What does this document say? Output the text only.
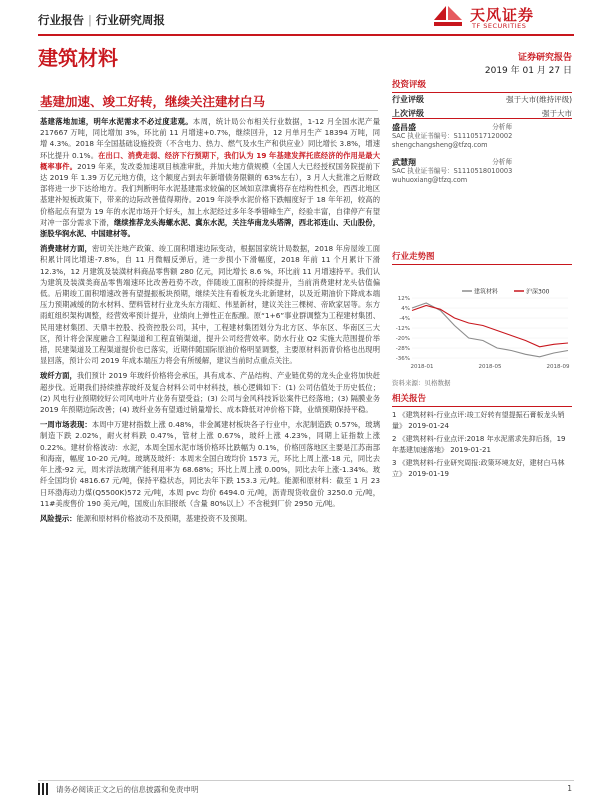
行业报告 | 行业研究周报	天风证券
TF SECURITIES
建筑材料	证券研究报告
2019 年 01 月 27 日
基建加速、竣工好转，继续关注建材白马

基建落地加速，明年水泥需求不必过度悲观。本周，统计局公布相关行业数据，1-12 月全国水泥产量 217667 万吨，同比增加 3%，环比前 11 月增速+0.7%，继续回升，12 月单月生产 18394 万吨，同增 4.3%。2018 年全国基础设施投资（不含电力、热力、燃气及水生产和供应业）同比增长 3.8%，增速环比提升 0.1%。在出口、消费走弱、经济下行预期下，我们认为 19 年基建发挥托底经济的作用是最大概率事件。2019 年来，发改委加速项目核准审批，并加大地方债规模（全国人大已经授权国务院提前下达 2019 年 1.39 万亿元地方债，这个额度占到去年新增债务限额的 63%左右），3 月人大批准之后财政部将进一步下达给地方。我们判断明年水泥基建需求较偏的区域如京津冀将存在结构性机会，西西北地区基建补短板政策下，带来的边际改善值得期待。2019 年淡季水泥价格下跌幅度好于 18 年年初，较高的价格起点有望为 19 年的水泥市场开个好头，加上水泥经过多年冬季错峰生产，经验丰富，自律停产有望对冲一部分需求下滑，继续推荐龙头海螺水泥、冀东水泥，关注华南龙头塔牌，西北祁连山、天山股份，浙股华润水泥、中国建材等。

消费建材方面，密切关注地产政策、竣工面积增速边际变动，根据国家统计局数据，2018 年房屋竣工面积累计同比增速-7.8%，自 11 月微幅反弹后，进一步损小下滑幅度，2018 年前 11 个月累计下滑 12.3%，12 月建筑及装潢材料商品零售额 280 亿元，同比增长 8.6 %，环比前 11 月增速持平。我们认为建筑及装潢类商品零售端速环比改善趋势不改，伴随竣工面积的持续提升，当前消费建材龙头估值偏低。后期竣工面积增速改善有望提振板块预期，继续关注有看板龙头北新建材，以及近期油价下降成本端压力预期减缓的防水材料、塑料管材行业龙头东方雨虹、伟星新材，建议关注三棵树、帝欧家居等。东方雨虹组织架构调整，经营效率预计提升，业绩向上弹性正在酝酿。原“1+6”事业群调整为工程建材集团、民用建材集团、天鼎丰控股、投资控股公司，其中，工程建材集团划分为北方区、华东区、华南区三大区，预计将会深度融合工程渠道和工程直销渠道，提升公司经营效率。防水行业 Q2 实施大范围提价举措，民建渠道及工程渠道提价也已落实，近期伴随国际原油价格明显调整，主要原材料沥青价格也出现明显回落，预计公司 2019 年成本端压力将会有所缓解，建议当前时点重点关注。

玻纤方面，我们预计 2019 年玻纤价格将会承压，具有成本、产品结构、产业链优势的龙头企业将加快赶超步伐。近期我们持续推荐玻纤及复合材料公司中材科技，核心逻辑如下：(1) 公司估值处于历史低位；(2) 风电行业预期较好公司风电叶片业务有望受益；(3) 公司与金风科技诉讼案件已经落地；(3) 隔膜业务 2019 年预期边际改善；(4) 玻纤业务有望通过销量增长、成本降低对冲价格下降，业绩预期保持平稳。

一周市场表现：本周中万建材指数上涨 0.48%，非金属建材板块各子行业中，水泥制造跌 0.57%，玻璃制造下跌 2.02%，耐火材料跌 0.47%，管材上涨 0.67%，玻纤上涨 4.23%，同期上证指数上涨 0.22%。建材价格波动：水泥，本周全国水泥市场价格环比跌幅为 0.1%，价格回落地区主要是江苏南部和海南，幅度 10-20 元/吨。玻璃及玻纤：本周末全国白玻均价 1573 元，环比上周上涨-18 元，同比去年上涨-92 元，周末浮法玻璃产能利用率为 68.68%；环比上周上涨 0.00%，同比去年上涨-1.34%。玻纤全国均价 4816.67 元/吨，保持平稳状态，同比去年下跌 153.3 元/吨。能源和原材料：截至 1 月 23 日环渤海动力煤(Q5500K)572 元/吨，本周 pvc 均价 6494.0 元/吨，沥青现货收盘价 3250.0 元/吨，11#美废售价 190 美元/吨，国废山东旧报纸（含量 80%以上）不含税到厂价 2950 元/吨。

风险提示：能源和原材料价格波动不及预期，基建投资不及预期。

投资评级
行业评级	强于大市(维持评级)
上次评级	强于大市
盛昌盛	分析师
SAC 执业证书编号：S1110517120002
shengchangsheng@tfzq.com
武慧翔	分析师
SAC 执业证书编号：S1110518010003
wuhuoxiang@tfzq.com
行业走势图
建筑材料	沪深300
12%
4%
-4%
-12%
-20%
-28%
-36%
2018-01	2018-05	2018-09
资料来源：贝格数据
相关报告
1 《建筑材料-行业点评:竣工好转有望提振石膏板龙头销量》 2019-01-24
2 《建筑材料-行业点评:2018 年水泥需求先抑后扬，19 年基建加速落地》 2019-01-21
3 《建筑材料-行业研究周报:政策环境友好，建材白马林立》 2019-01-19
请务必阅读正文之后的信息披露和免责申明	1
